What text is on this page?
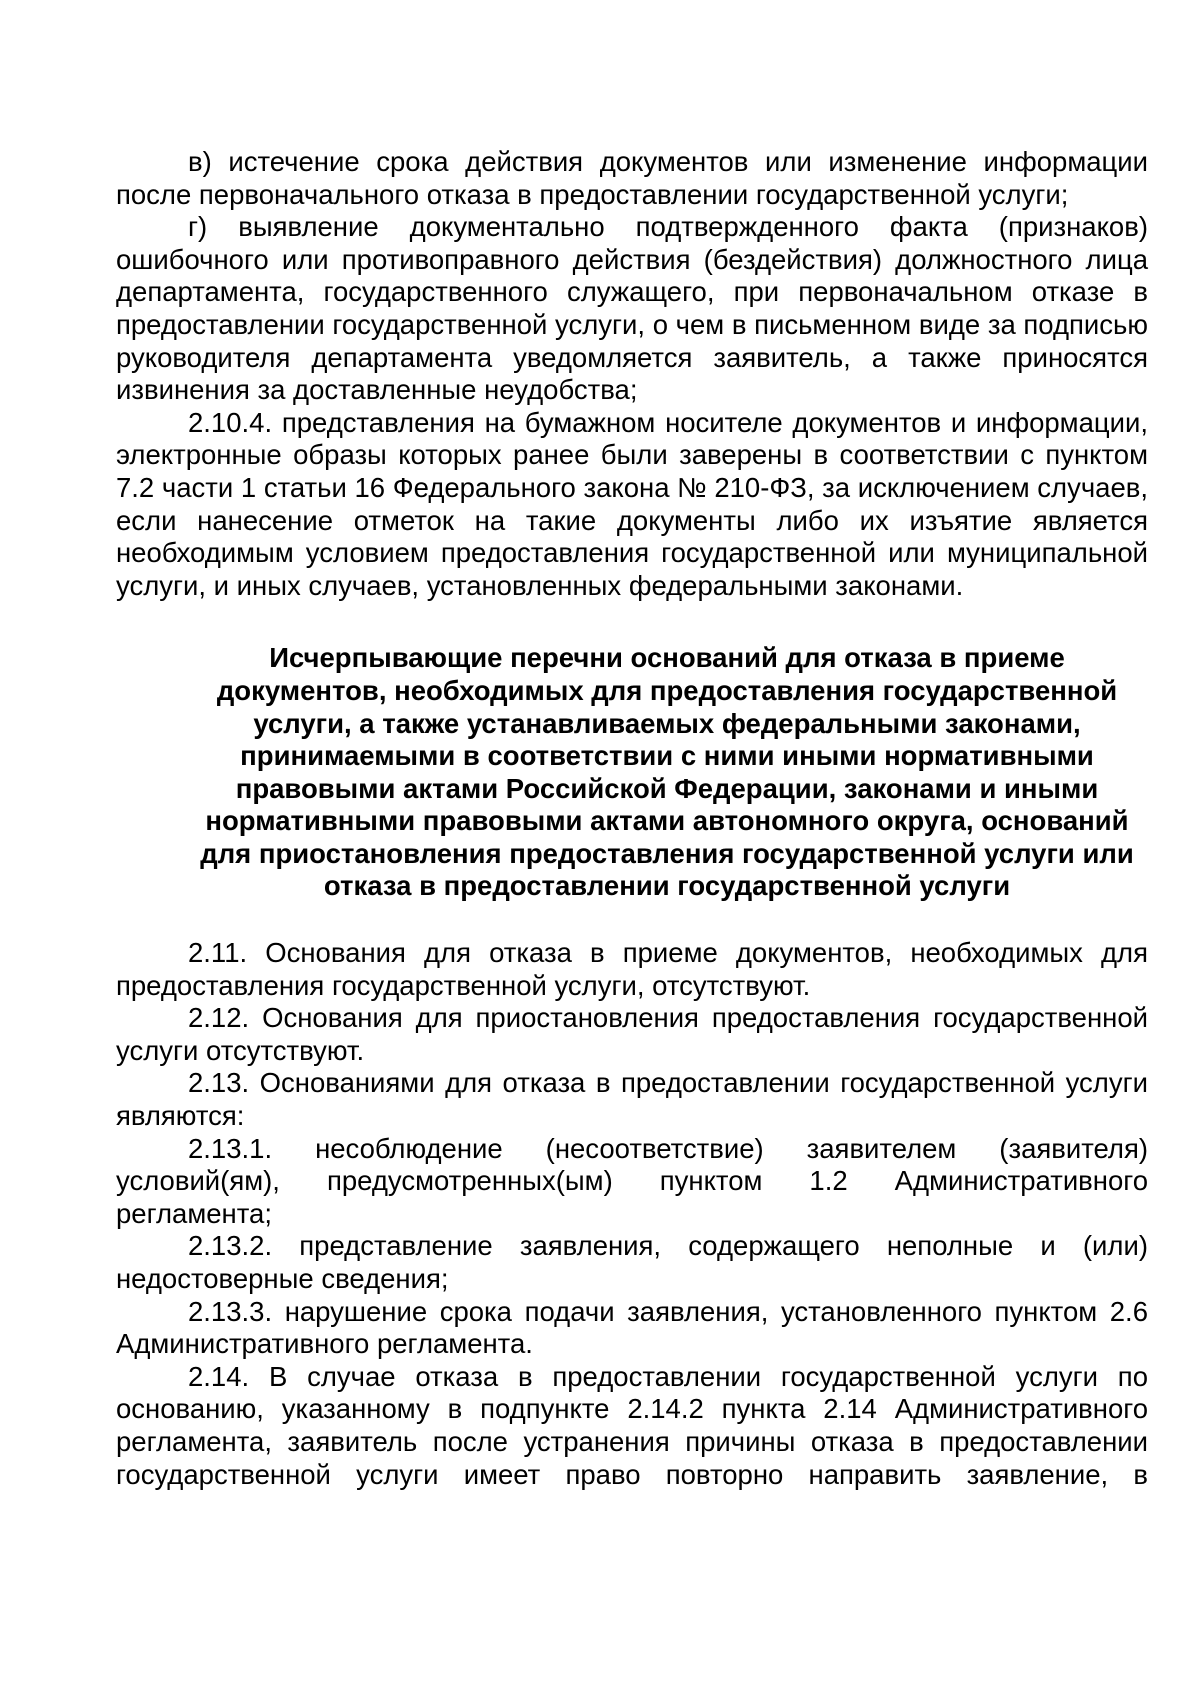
в) истечение срока действия документов или изменение информации после первоначального отказа в предоставлении государственной услуги;

г) выявление документально подтвержденного факта (признаков) ошибочного или противоправного действия (бездействия) должностного лица департамента, государственного служащего, при первоначальном отказе в предоставлении государственной услуги, о чем в письменном виде за подписью руководителя департамента уведомляется заявитель, а также приносятся извинения за доставленные неудобства;

2.10.4. представления на бумажном носителе документов и информации, электронные образы которых ранее были заверены в соответствии с пунктом 7.2 части 1 статьи 16 Федерального закона № 210-ФЗ, за исключением случаев, если нанесение отметок на такие документы либо их изъятие является необходимым условием предоставления государственной или муниципальной услуги, и иных случаев, установленных федеральными законами.

Исчерпывающие перечни оснований для отказа в приеме документов, необходимых для предоставления государственной услуги, а также устанавливаемых федеральными законами, принимаемыми в соответствии с ними иными нормативными правовыми актами Российской Федерации, законами и иными нормативными правовыми актами автономного округа, оснований для приостановления предоставления государственной услуги или отказа в предоставлении государственной услуги

2.11. Основания для отказа в приеме документов, необходимых для предоставления государственной услуги, отсутствуют.

2.12. Основания для приостановления предоставления государственной услуги отсутствуют.

2.13. Основаниями для отказа в предоставлении государственной услуги являются:

2.13.1. несоблюдение (несоответствие) заявителем (заявителя) условий(ям), предусмотренных(ым) пунктом 1.2 Административного регламента;

2.13.2. представление заявления, содержащего неполные и (или) недостоверные сведения;

2.13.3. нарушение срока подачи заявления, установленного пунктом 2.6 Административного регламента.

2.14. В случае отказа в предоставлении государственной услуги по основанию, указанному в подпункте 2.14.2 пункта 2.14 Административного регламента, заявитель после устранения причины отказа в предоставлении государственной услуги имеет право повторно направить заявление, в
